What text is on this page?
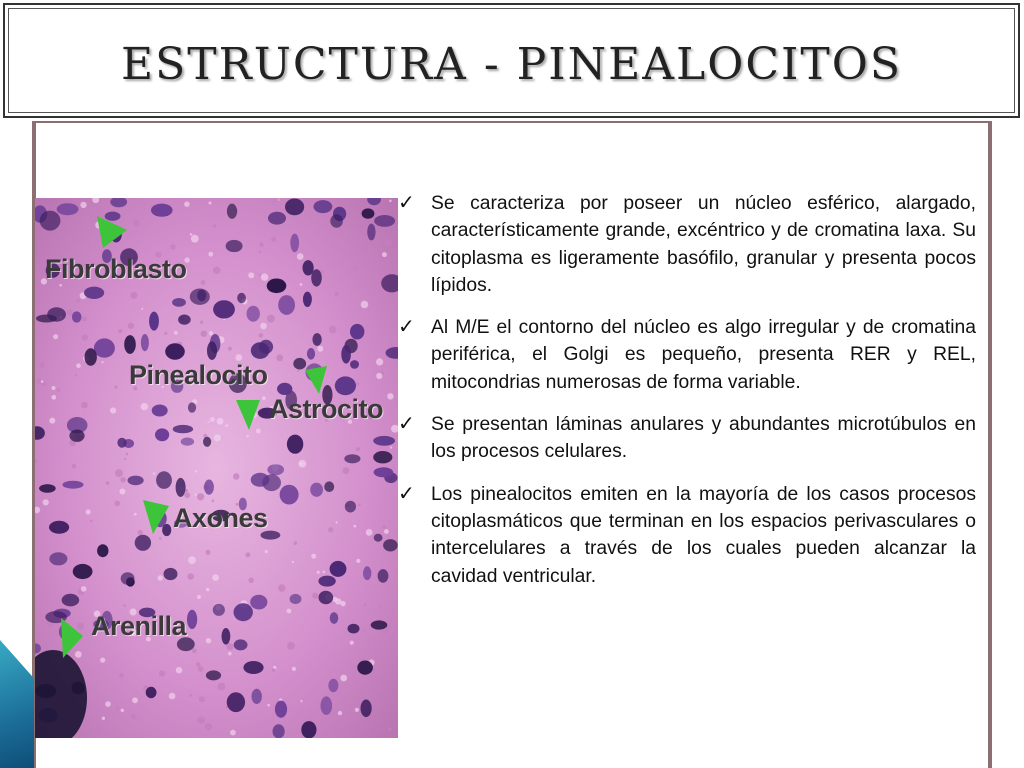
ESTRUCTURA - PINEALOCITOS
Fibroblasto
Pinealocito
Astrocito
Axones
Arenilla
✓ Se caracteriza por poseer un núcleo esférico, alargado, característicamente grande, excéntrico y de cromatina laxa. Su citoplasma es ligeramente basófilo, granular y presenta pocos lípidos.
✓ Al M/E el contorno del núcleo es algo irregular y de cromatina periférica, el Golgi es pequeño, presenta RER y REL, mitocondrias numerosas de forma variable.
✓ Se presentan láminas anulares y abundantes microtúbulos en los procesos celulares.
✓ Los pinealocitos emiten en la mayoría de los casos procesos citoplasmáticos que terminan en los espacios perivasculares o intercelulares a través de los cuales pueden alcanzar la cavidad ventricular.
